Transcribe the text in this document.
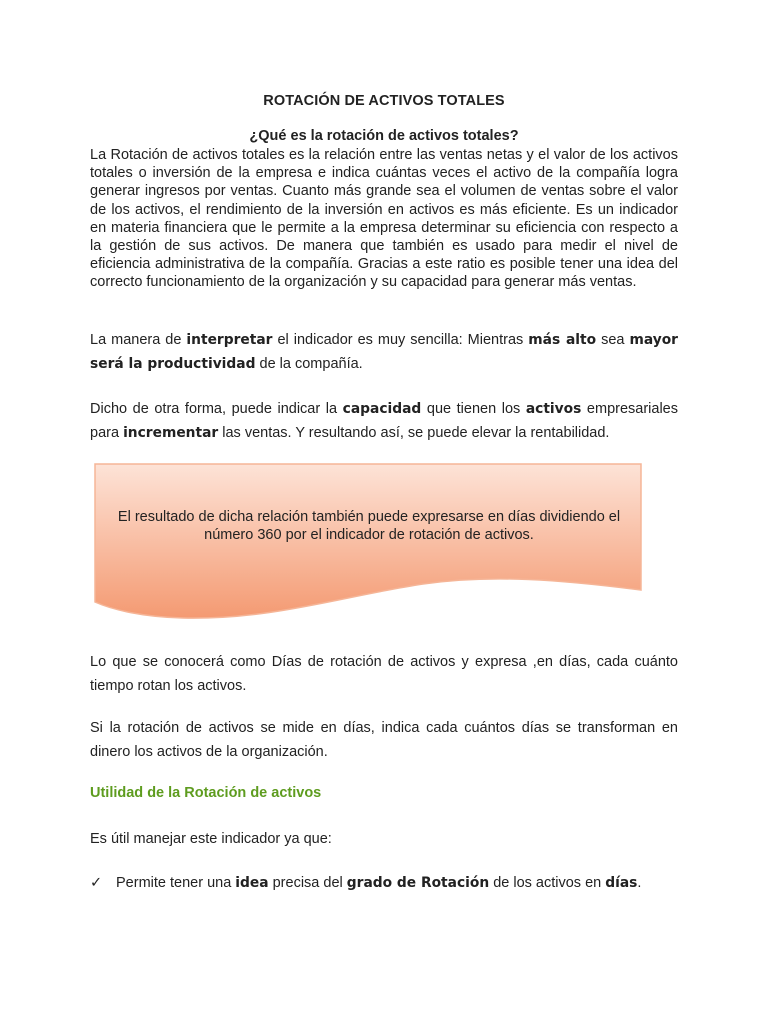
ROTACIÓN DE ACTIVOS TOTALES
¿Qué es la rotación de activos totales?
La Rotación de activos totales es la relación entre las ventas netas y el valor de los activos totales o inversión de la empresa e indica cuántas veces el activo de la compañía logra generar ingresos por ventas. Cuanto más grande sea el volumen de ventas sobre el valor de los activos, el rendimiento de la inversión en activos es más eficiente. Es un indicador en materia financiera que le permite a la empresa determinar su eficiencia con respecto a la gestión de sus activos. De manera que también es usado para medir el nivel de eficiencia administrativa de la compañía. Gracias a este ratio es posible tener una idea del correcto funcionamiento de la organización y su capacidad para generar más ventas.
La manera de interpretar el indicador es muy sencilla: Mientras más alto sea mayor será la productividad de la compañía.
Dicho de otra forma, puede indicar la capacidad que tienen los activos empresariales para incrementar las ventas. Y resultando así, se puede elevar la rentabilidad.
El resultado de dicha relación también puede expresarse en días dividiendo el número 360 por el indicador de rotación de activos.
Lo que se conocerá como Días de rotación de activos y expresa ,en días, cada cuánto tiempo rotan los activos.
Si la rotación de activos se mide en días, indica cada cuántos días se transforman en dinero los activos de la organización.
Utilidad de la Rotación de activos
Es útil manejar este indicador ya que:
✓ Permite tener una idea precisa del grado de Rotación de los activos en días.
